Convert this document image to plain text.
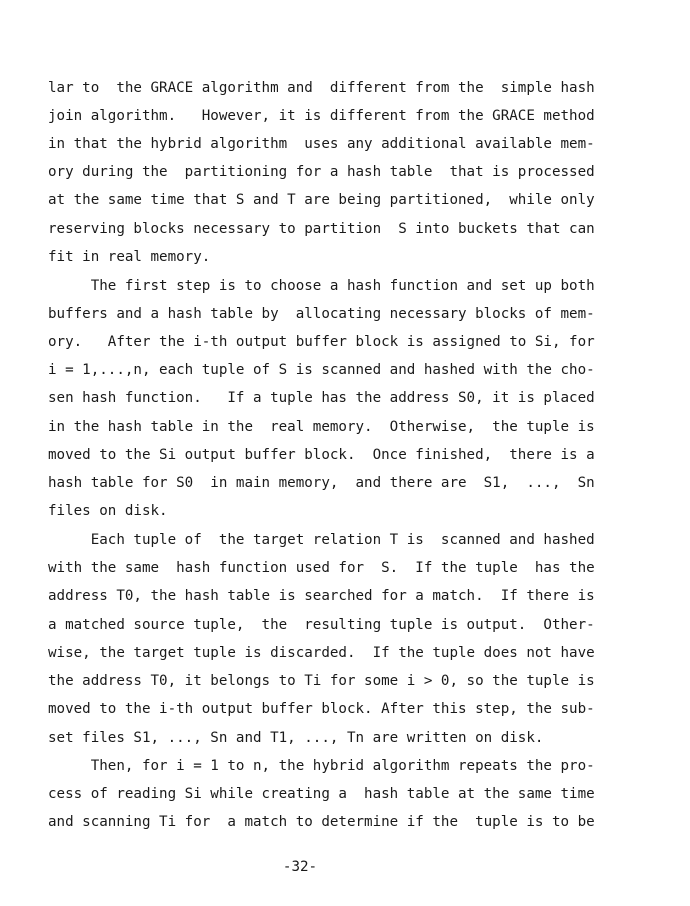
lar to  the GRACE algorithm and  different from the  simple hash
join algorithm.   However, it is different from the GRACE method
in that the hybrid algorithm  uses any additional available mem-
ory during the  partitioning for a hash table  that is processed
at the same time that S and T are being partitioned,  while only
reserving blocks necessary to partition  S into buckets that can
fit in real memory.
The first step is to choose a hash function and set up both
buffers and a hash table by  allocating necessary blocks of mem-
ory.   After the i-th output buffer block is assigned to Si, for
i = 1,...,n, each tuple of S is scanned and hashed with the cho-
sen hash function.   If a tuple has the address S0, it is placed
in the hash table in the  real memory.  Otherwise,  the tuple is
moved to the Si output buffer block.  Once finished,  there is a
hash table for S0  in main memory,  and there are  S1,  ...,  Sn
files on disk.
Each tuple of  the target relation T is  scanned and hashed
with the same  hash function used for  S.  If the tuple  has the
address T0, the hash table is searched for a match.  If there is
a matched source tuple,  the  resulting tuple is output.  Other-
wise, the target tuple is discarded.  If the tuple does not have
the address T0, it belongs to Ti for some i > 0, so the tuple is
moved to the i-th output buffer block. After this step, the sub-
set files S1, ..., Sn and T1, ..., Tn are written on disk.
Then, for i = 1 to n, the hybrid algorithm repeats the pro-
cess of reading Si while creating a  hash table at the same time
and scanning Ti for  a match to determine if the  tuple is to be
-32-
